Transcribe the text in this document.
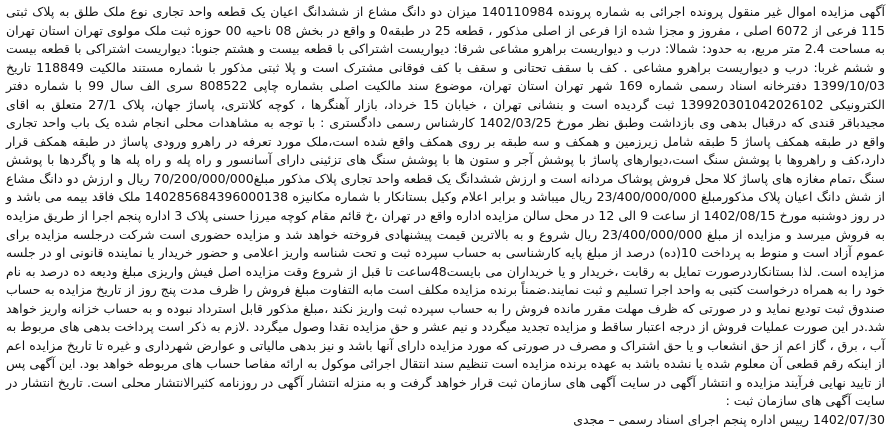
آگهی مزایده اموال غیر منقول پرونده اجرائی به شماره پرونده 140110984 میزان دو دانگ مشاع از ششدانگ اعیان یک قطعه واحد تجاری نوع ملک طلق به پلاک ثبتی 115 فرعی از 6072 اصلی ، مفروز و مجزا شده ازا فرعی از اصلی مذکور ، قطعه 25 در طبقه0 و واقع در بخش 08 ناحیه 00 حوزه ثبت ملک مولوی تهران استان تهران به مساحت 2.4 متر مربع، به حدود: شمالا: درب و دیواریست براهرو مشاعی شرقا: دیواریست اشتراکی با قطعه بیست و هشتم جنوبا: دیواریست اشتراکی با قطعه بیست و ششم غربا: درب و دیواریست براهرو مشاعی . کف با سقف تحتانی و سقف با کف فوقانی مشترک است و پلا ثبتی مذکور با شماره مستند مالکیت 118849 تاریخ 1399/10/03 دفترخانه اسناد رسمی شماره 169 شهر تهران استان تهران، موضوع سند مالکیت اصلی بشماره چاپی 808522 سری الف سال 99 با شماره دفتر الکترونیکی 139920301042026102 ثبت گردیده است و بنشانی تهران ، خیابان 15 خرداد، بازار آهنگرها ، کوچه کلانتری، پاساژ جهان، پلاک 27/1 متعلق به اقای مجیدباقر قندی که درقبال بدهی وی بازداشت وطبق نظر مورخ 1402/03/25 کارشناس رسمی دادگستری : با توجه به مشاهدات محلی انجام شده یک باب واحد تجاری واقع در طبقه همکف پاساژ 5 طبقه شامل زیرزمین و همکف و سه طبقه بر روی همکف واقع شده است،ملک مورد تعرفه در راهرو ورودی پاساژ در طبقه همکف قرار دارد،کف و راهروها با پوشش سنگ است،دیوارهای پاساژ با پوشش آجر و ستون ها با پوشش سنگ های تزئینی دارای آسانسور و راه پله و راه پله ها و پاگردها با پوشش سنگ ،تمام مغازه های پاساژ کلا محل فروش پوشاک مردانه است و ارزش ششدانگ یک قطعه واحد تجاری پلاک مذکور مبلغ70/200/000/000 ریال و ارزش دو دانگ مشاع از شش دانگ اعیان پلاک مذکورمبلغ 23/400/000/000 ریال میباشد و برابر اعلام وکیل بستانکار با شماره مکانیزه 140285684396000138 ملک فاقد بیمه می باشد و در روز دوشنبه مورخ 1402/08/15 از ساعت 9 الی 12 در محل سالن مزایده اداره واقع در تهران ،خ قائم مقام کوچه میرزا حسنی پلاک 3 اداره پنجم اجرا از طریق مزایده به فروش میرسد و مزایده از مبلغ 23/400/000/000 ریال شروع و به بالاترین قیمت پیشنهادی فروخته خواهد شد و مزایده حضوری است شرکت درجلسه مزایده برای عموم آزاد است و منوط به پرداخت 10(ده) درصد از مبلغ پایه کارشناسی به حساب سپرده ثبت و تحت شناسه واریز اعلامی و حضور خریدار یا نماینده قانونی او در جلسه مزایده است. لذا بستانکاردرصورت تمایل به رقابت ،خریدار و یا خریداران می بایست48ساعت تا قبل از شروع وقت مزایده اصل فیش واریزی مبلغ ودیعه ده درصد به نام خود را به همراه درخواست کتبی به واحد اجرا تسلیم و ثبت نمایند.ضمناً برنده مزایده مکلف است مابه التفاوت مبلغ فروش را ظرف مدت پنج روز از تاریخ مزایده به حساب صندوق ثبت تودیع نماید و در صورتی که ظرف مهلت مقرر مانده فروش را به حساب سپرده ثبت واریز نکند ،مبلغ مذکور قابل استرداد نبوده و به حساب خزانه واریز خواهد شد.در این صورت عملیات فروش از درجه اعتبار ساقط و مزایده تجدید میگردد و نیم عشر و حق مزایده نقدا وصول میگردد .لازم به ذکر است پرداخت بدهی های مربوط به آب ، برق ، گاز اعم از حق انشعاب و یا حق اشتراک و مصرف در صورتی که مورد مزایده دارای آنها باشد و نیز بدهی مالیاتی و عوارض شهرداری و غیره تا تاریخ مزایده اعم از اینکه رقم قطعی آن معلوم شده یا نشده باشد به عهده برنده مزایده است تنظیم سند انتقال اجرائی موکول به ارائه مفاصا حساب های مربوطه خواهد بود. این آگهی پس از تایید نهایی فرآیند مزایده و انتشار آگهی در سایت آگهی های سازمان ثبت قرار خواهد گرفت و به منزله انتشار آگهی در روزنامه کثیرالانتشار محلی است. تاریخ انتشار در سایت آگهی های سازمان ثبت :

1402/07/30 رییس اداره پنجم اجرای اسناد رسمی – مجدی
